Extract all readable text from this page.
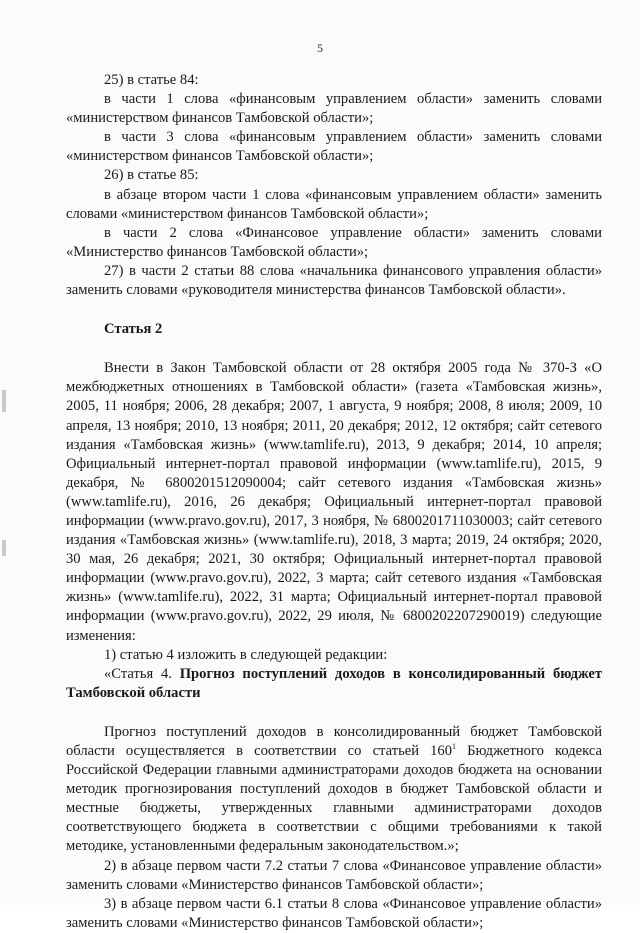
5

25) в статье 84:

в части 1 слова «финансовым управлением области» заменить словами «министерством финансов Тамбовской области»;

в части 3 слова «финансовым управлением области» заменить словами «министерством финансов Тамбовской области»;

26) в статье 85:

в абзаце втором части 1 слова «финансовым управлением области» заменить словами «министерством финансов Тамбовской области»;

в части 2 слова «Финансовое управление области» заменить словами «Министерство финансов Тамбовской области»;

27) в части 2 статьи 88 слова «начальника финансового управления области» заменить словами «руководителя министерства финансов Тамбовской области».

Статья 2

Внести в Закон Тамбовской области от 28 октября 2005 года № 370-З «О межбюджетных отношениях в Тамбовской области» (газета «Тамбовская жизнь», 2005, 11 ноября; 2006, 28 декабря; 2007, 1 августа, 9 ноября; 2008, 8 июля; 2009, 10 апреля, 13 ноября; 2010, 13 ноября; 2011, 20 декабря; 2012, 12 октября; сайт сетевого издания «Тамбовская жизнь» (www.tamlife.ru), 2013, 9 декабря; 2014, 10 апреля; Официальный интернет-портал правовой информации (www.tamlife.ru), 2015, 9 декабря, № 6800201512090004; сайт сетевого издания «Тамбовская жизнь» (www.tamlife.ru), 2016, 26 декабря; Официальный интернет-портал правовой информации (www.pravo.gov.ru), 2017, 3 ноября, № 6800201711030003; сайт сетевого издания «Тамбовская жизнь» (www.tamlife.ru), 2018, 3 марта; 2019, 24 октября; 2020, 30 мая, 26 декабря; 2021, 30 октября; Официальный интернет-портал правовой информации (www.pravo.gov.ru), 2022, 3 марта; сайт сетевого издания «Тамбовская жизнь» (www.tamlife.ru), 2022, 31 марта; Официальный интернет-портал правовой информации (www.pravo.gov.ru), 2022, 29 июля, № 6800202207290019) следующие изменения:

1) статью 4 изложить в следующей редакции:

«Статья 4. Прогноз поступлений доходов в консолидированный бюджет Тамбовской области

Прогноз поступлений доходов в консолидированный бюджет Тамбовской области осуществляется в соответствии со статьей $160^1$ Бюджетного кодекса Российской Федерации главными администраторами доходов бюджета на основании методик прогнозирования поступлений доходов в бюджет Тамбовской области и местные бюджеты, утвержденных главными администраторами доходов соответствующего бюджета в соответствии с общими требованиями к такой методике, установленными федеральным законодательством.»;

2) в абзаце первом части 7.2 статьи 7 слова «Финансовое управление области» заменить словами «Министерство финансов Тамбовской области»;

3) в абзаце первом части 6.1 статьи 8 слова «Финансовое управление области» заменить словами «Министерство финансов Тамбовской области»;
